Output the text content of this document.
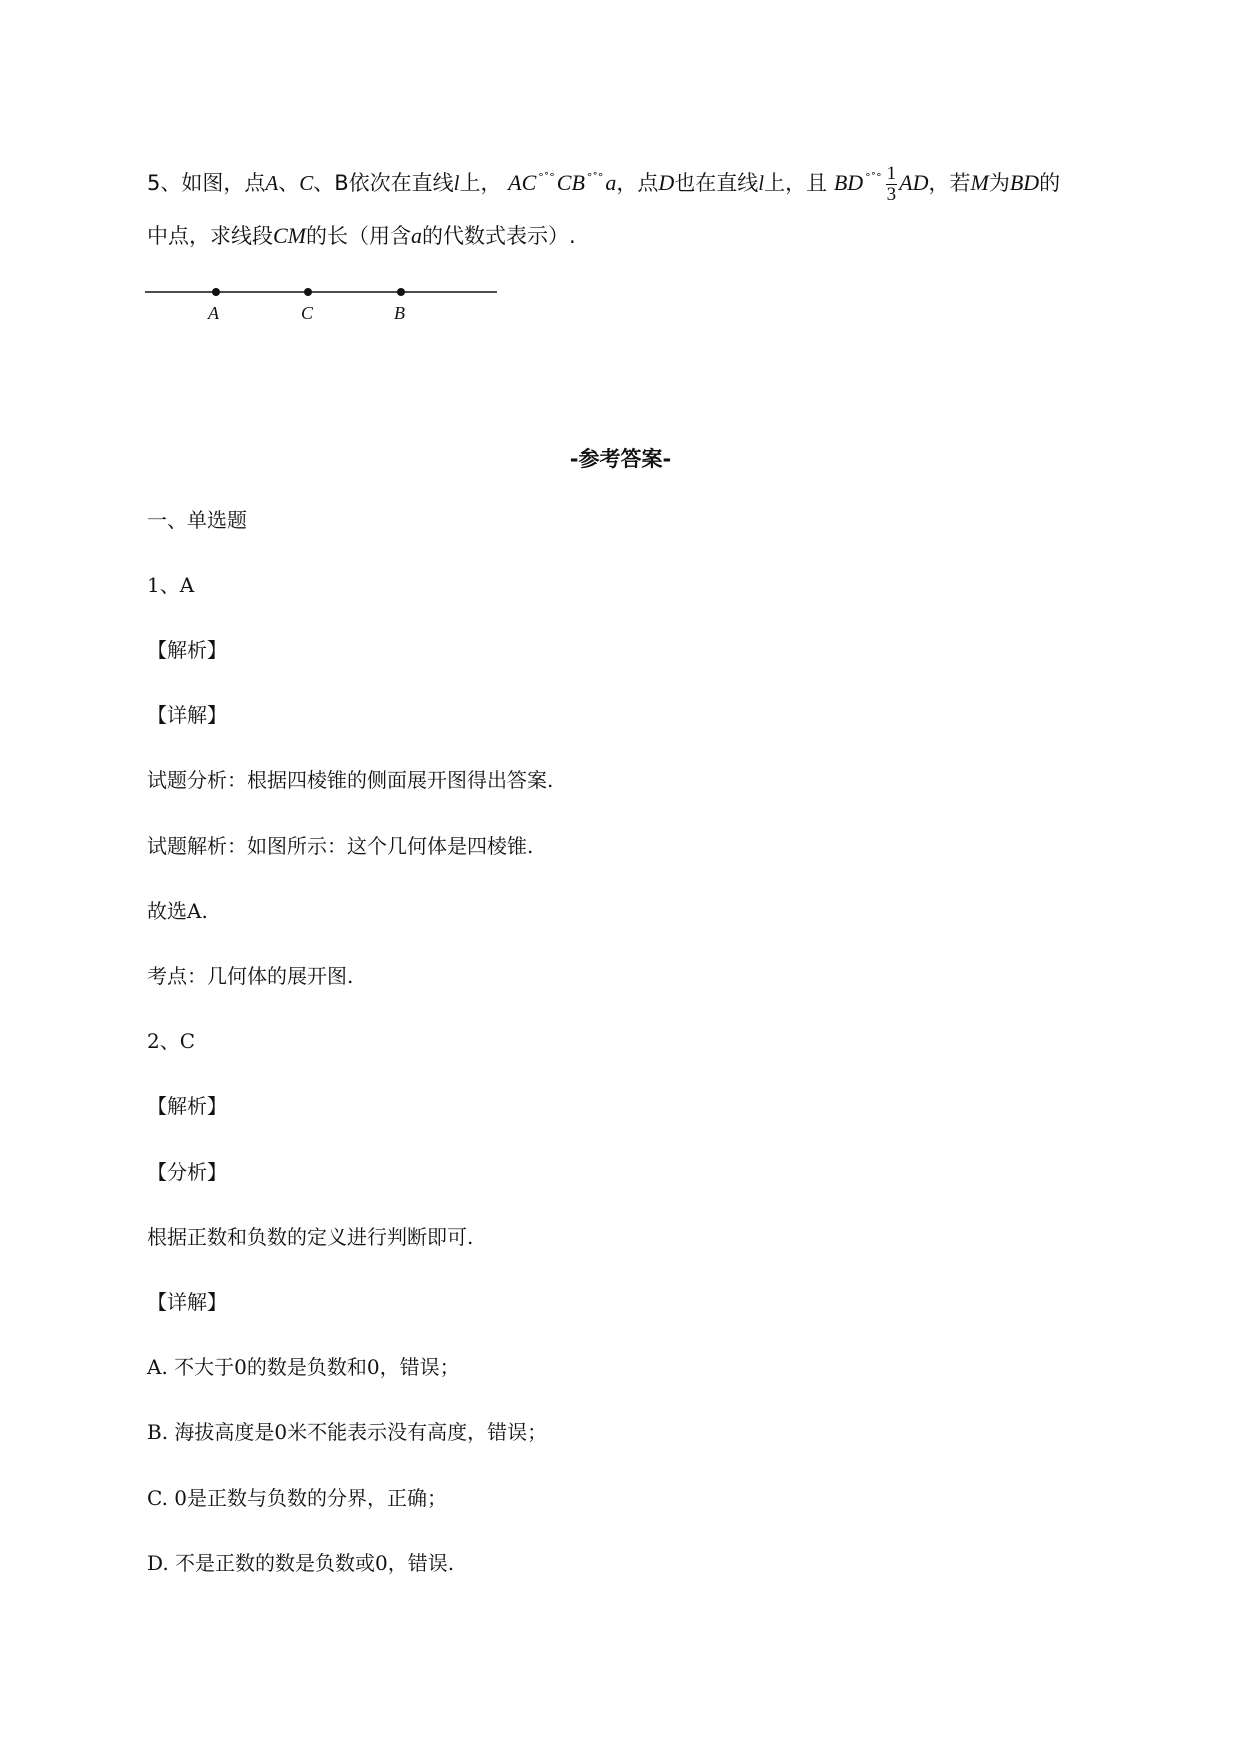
5、如图，点A、C、B依次在直线l上， AC °˚°CB °˚°a，点D也在直线l上，且 BD $^{^\circ˚^\circ} \frac{1}{3}$ AD，若M为BD的
中点，求线段CM的长（用含a的代数式表示）.
A	C	B
-参考答案-
一、单选题
1、A
【解析】
【详解】
试题分析：根据四棱锥的侧面展开图得出答案.
试题解析：如图所示：这个几何体是四棱锥.
故选A.
考点：几何体的展开图.
2、C
【解析】
【分析】
根据正数和负数的定义进行判断即可.
【详解】
A. 不大于0的数是负数和0，错误；
B. 海拔高度是0米不能表示没有高度，错误；
C. 0是正数与负数的分界，正确；
D. 不是正数的数是负数或0，错误.
